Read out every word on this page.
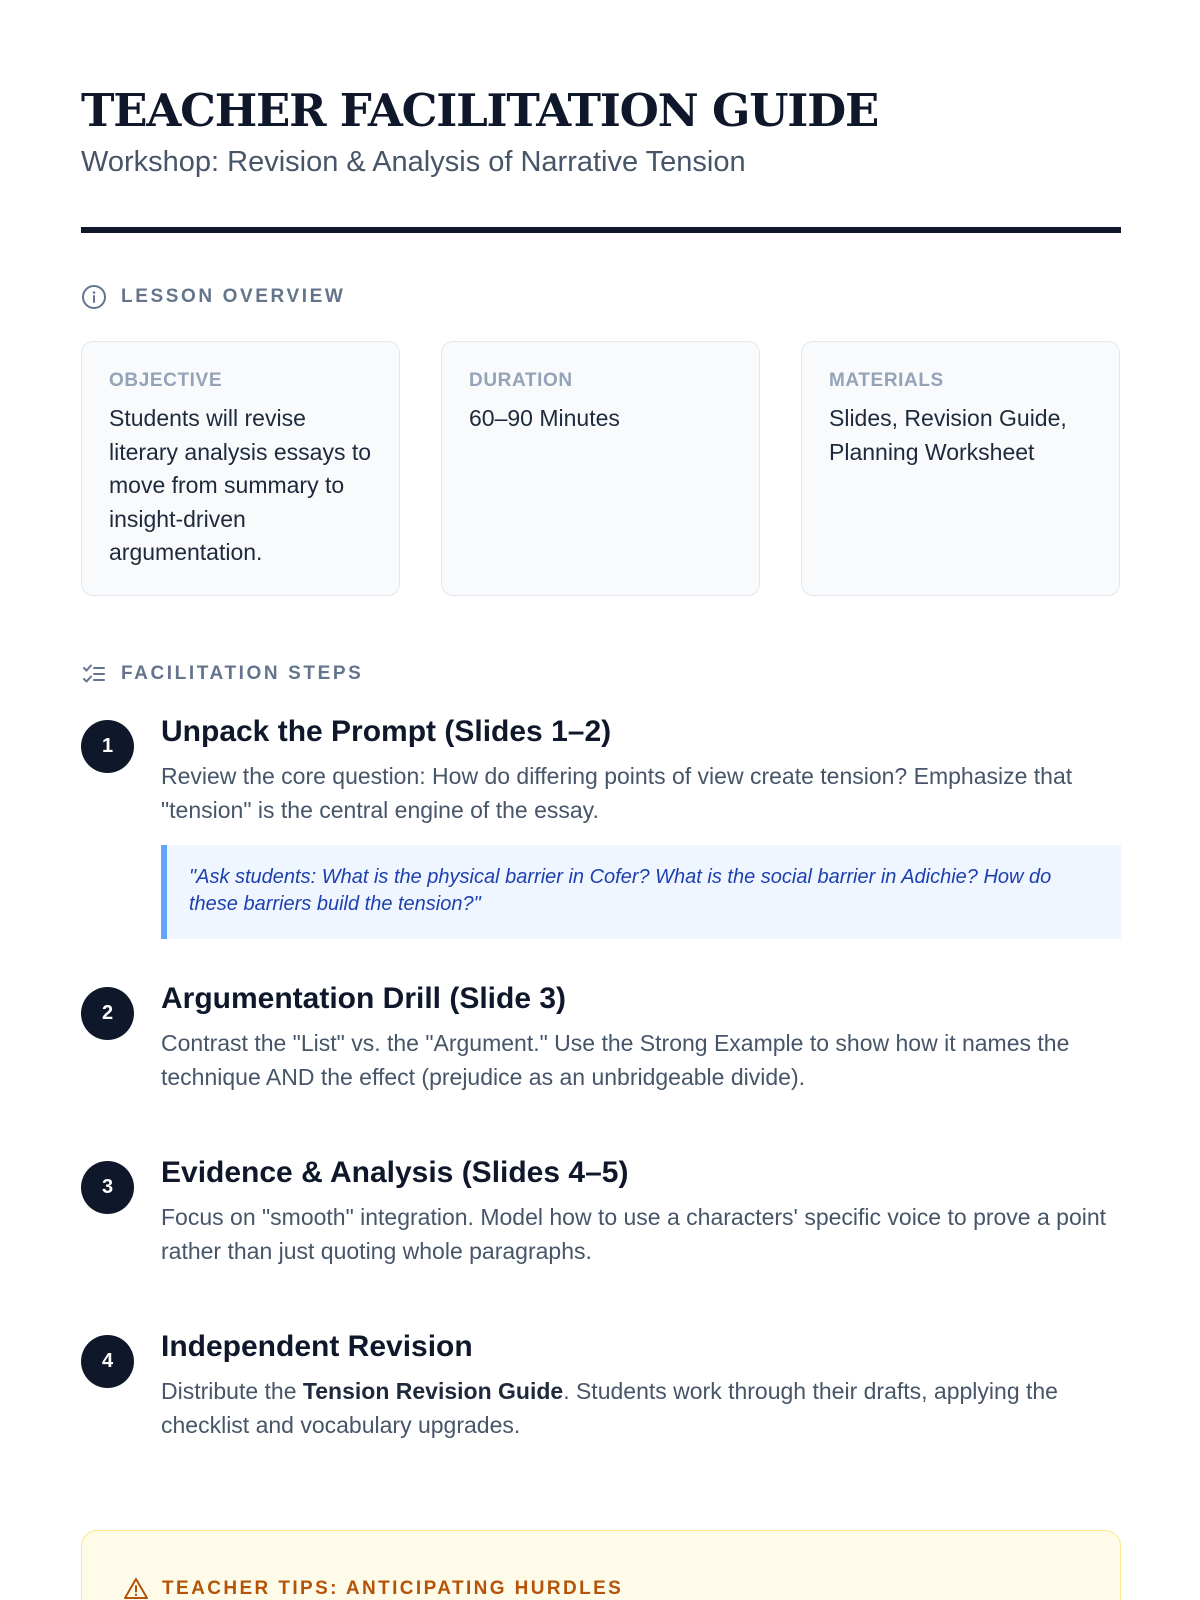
TEACHER FACILITATION GUIDE
Workshop: Revision & Analysis of Narrative Tension
LESSON OVERVIEW
OBJECTIVE
Students will revise literary analysis essays to move from summary to insight-driven argumentation.
DURATION
60–90 Minutes
MATERIALS
Slides, Revision Guide, Planning Worksheet
FACILITATION STEPS
1	Unpack the Prompt (Slides 1–2)
Review the core question: How do differing points of view create tension? Emphasize that "tension" is the central engine of the essay.
"Ask students: What is the physical barrier in Cofer? What is the social barrier in Adichie? How do these barriers build the tension?"
2	Argumentation Drill (Slide 3)
Contrast the "List" vs. the "Argument." Use the Strong Example to show how it names the technique AND the effect (prejudice as an unbridgeable divide).
3	Evidence & Analysis (Slides 4–5)
Focus on "smooth" integration. Model how to use a characters' specific voice to prove a point rather than just quoting whole paragraphs.
4	Independent Revision
Distribute the Tension Revision Guide. Students work through their drafts, applying the checklist and vocabulary upgrades.
TEACHER TIPS: ANTICIPATING HURDLES
